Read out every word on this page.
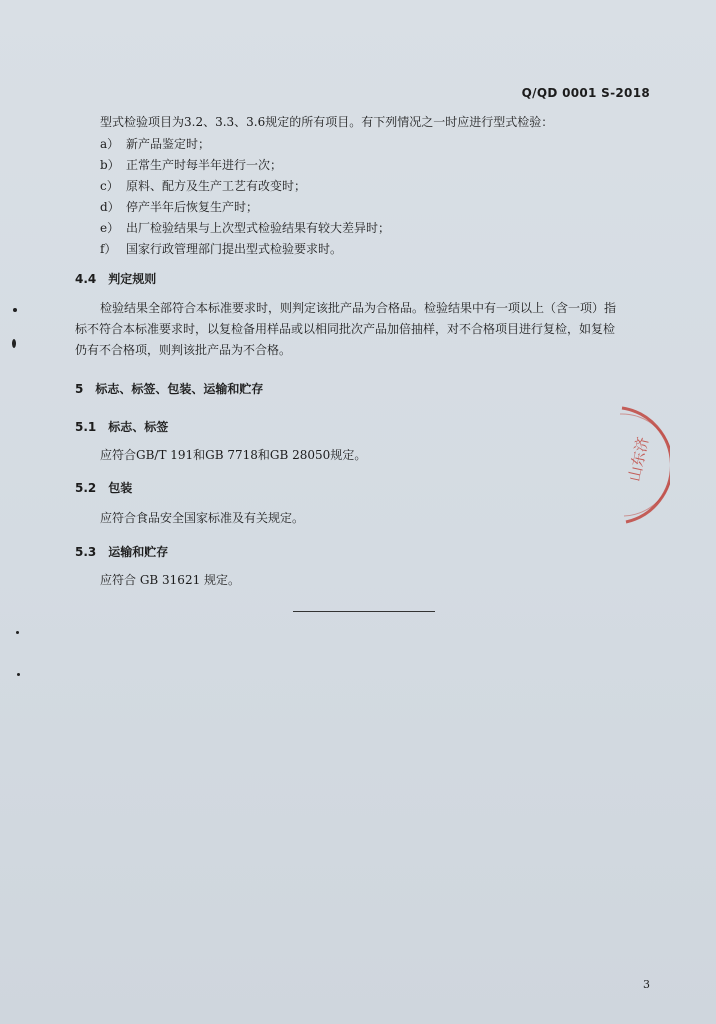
Q/QD 0001 S-2018
型式检验项目为3.2、3.3、3.6规定的所有项目。有下列情况之一时应进行型式检验：
a） 新产品鉴定时；
b） 正常生产时每半年进行一次；
c） 原料、配方及生产工艺有改变时；
d） 停产半年后恢复生产时；
e） 出厂检验结果与上次型式检验结果有较大差异时；
f） 国家行政管理部门提出型式检验要求时。
4.4 判定规则
检验结果全部符合本标准要求时，则判定该批产品为合格品。检验结果中有一项以上（含一项）指
标不符合本标准要求时，以复检备用样品或以相同批次产品加倍抽样，对不合格项目进行复检，如复检
仍有不合格项，则判该批产品为不合格。
5 标志、标签、包装、运输和贮存
5.1 标志、标签
应符合GB/T 191和GB 7718和GB 28050规定。
5.2 包装
应符合食品安全国家标准及有关规定。
5.3 运输和贮存
应符合 GB 31621 规定。
山东济
3
